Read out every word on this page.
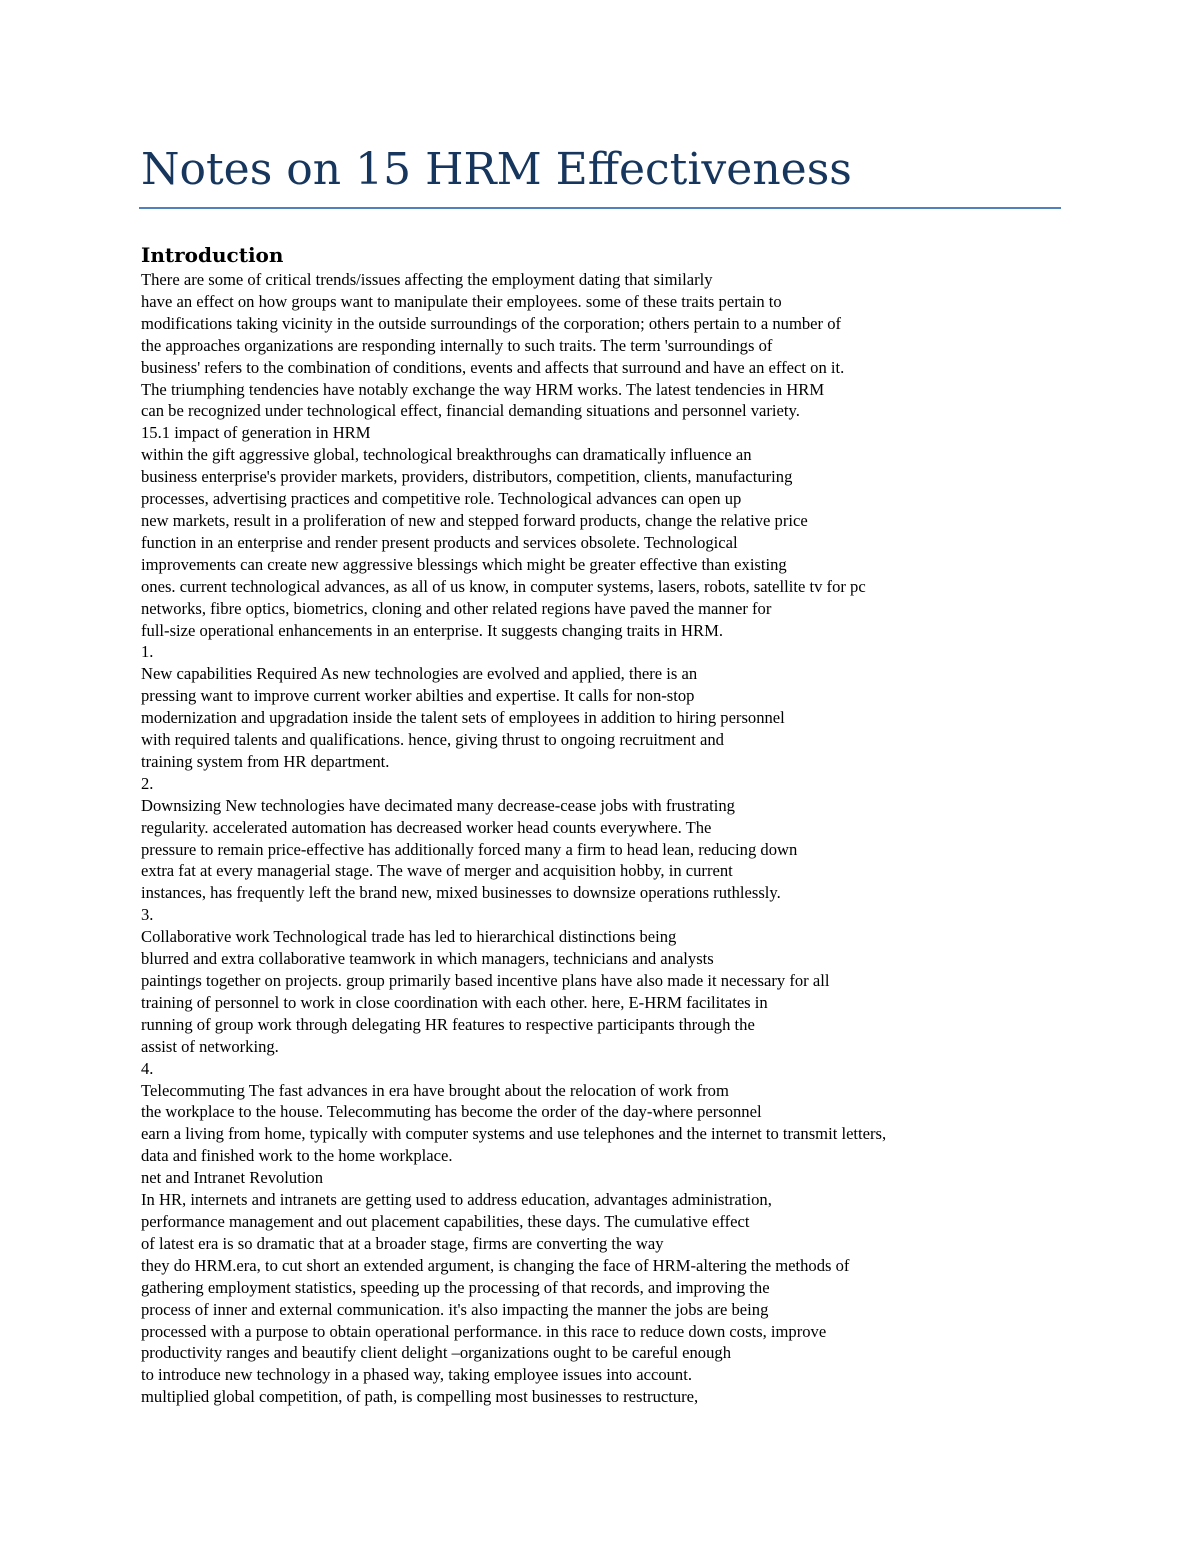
Notes on 15 HRM Effectiveness
Introduction
There are some of critical trends/issues affecting the employment dating that similarly
have an effect on how groups want to manipulate their employees. some of these traits pertain to
modifications taking vicinity in the outside surroundings of the corporation; others pertain to a number of
the approaches organizations are responding internally to such traits. The term 'surroundings of
business' refers to the combination of conditions, events and affects that surround and have an effect on it.
The triumphing tendencies have notably exchange the way HRM works. The latest tendencies in HRM
can be recognized under technological effect, financial demanding situations and personnel variety.
15.1 impact of generation in HRM
within the gift aggressive global, technological breakthroughs can dramatically influence an
business enterprise's provider markets, providers, distributors, competition, clients, manufacturing
processes, advertising practices and competitive role. Technological advances can open up
new markets, result in a proliferation of new and stepped forward products, change the relative price
function in an enterprise and render present products and services obsolete. Technological
improvements can create new aggressive blessings which might be greater effective than existing
ones. current technological advances, as all of us know, in computer systems, lasers, robots, satellite tv for pc
networks, fibre optics, biometrics, cloning and other related regions have paved the manner for
full-size operational enhancements in an enterprise. It suggests changing traits in HRM.
1.
New capabilities Required As new technologies are evolved and applied, there is an
pressing want to improve current worker abilties and expertise. It calls for non-stop
modernization and upgradation inside the talent sets of employees in addition to hiring personnel
with required talents and qualifications. hence, giving thrust to ongoing recruitment and
training system from HR department.
2.
Downsizing New technologies have decimated many decrease-cease jobs with frustrating
regularity. accelerated automation has decreased worker head counts everywhere. The
pressure to remain price-effective has additionally forced many a firm to head lean, reducing down
extra fat at every managerial stage. The wave of merger and acquisition hobby, in current
instances, has frequently left the brand new, mixed businesses to downsize operations ruthlessly.
3.
Collaborative work Technological trade has led to hierarchical distinctions being
blurred and extra collaborative teamwork in which managers, technicians and analysts
paintings together on projects. group primarily based incentive plans have also made it necessary for all
training of personnel to work in close coordination with each other. here, E-HRM facilitates in
running of group work through delegating HR features to respective participants through the
assist of networking.
4.
Telecommuting The fast advances in era have brought about the relocation of work from
the workplace to the house. Telecommuting has become the order of the day-where personnel
earn a living from home, typically with computer systems and use telephones and the internet to transmit letters,
data and finished work to the home workplace.
net and Intranet Revolution
In HR, internets and intranets are getting used to address education, advantages administration,
performance management and out placement capabilities, these days. The cumulative effect
of latest era is so dramatic that at a broader stage, firms are converting the way
they do HRM.era, to cut short an extended argument, is changing the face of HRM-altering the methods of
gathering employment statistics, speeding up the processing of that records, and improving the
process of inner and external communication. it's also impacting the manner the jobs are being
processed with a purpose to obtain operational performance. in this race to reduce down costs, improve
productivity ranges and beautify client delight –organizations ought to be careful enough
to introduce new technology in a phased way, taking employee issues into account.
multiplied global competition, of path, is compelling most businesses to restructure,
